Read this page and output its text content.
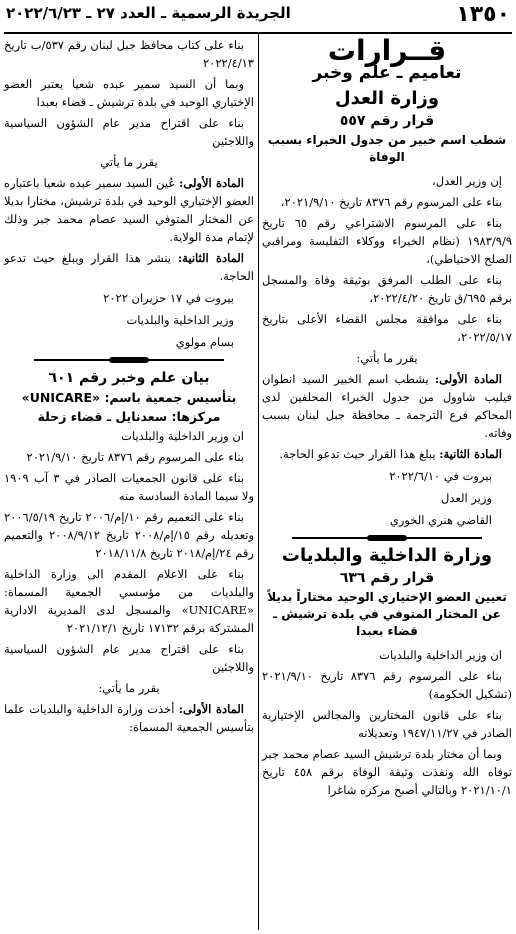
١٣٥٠
الجريدة الرسمية ـ العدد ٢٧ ـ ٢٠٢٢/٦/٢٣
قــرارات
تعاميم ـ علم وخبر
وزارة العدل
قرار رقم ٥٥٧
شطب اسم خبير من جدول الخبراء بسبب الوفاة

إن وزير العدل،

بناء على المرسوم رقم ٨٣٧٦ تاريخ ٢٠٢١/٩/١٠،

بناء على المرسوم الاشتراعي رقم ٦٥ تاريخ ١٩٨٣/٩/٩ (نظام الخبراء ووكلاء التفليسة ومراقبي الصلح الاحتياطي)،

بناء على الطلب المرفق بوثيقة وفاة والمسجل برقم ٦٩٥/ق تاريخ ٢٠٢٢/٤/٢٠،

بناء على موافقة مجلس القضاء الأعلى بتاريخ ٢٠٢٢/٥/١٧،

يقرر ما يأتي:

المادة الأولى: يشطب اسم الخبير السيد انطوان فيليب شاوول من جدول الخبراء المحلفين لدى المحاكم فرع الترجمة ـ محافظة جبل لبنان بسبب وفاته.

المادة الثانية: يبلغ هذا القرار حيث تدعو الحاجة.

بيروت في ٢٠٢٢/٦/١٠

وزير العدل

القاضي هنري الخوري

وزارة الداخلية والبلديات
قرار رقم ٦٣٦
تعيين العضو الإختياري الوحيد مختاراً بديلاً عن المختار المتوفي في بلدة ترشيش ـ قضاء بعبدا

ان وزير الداخلية والبلديات

بناء على المرسوم رقم ٨٣٧٦ تاريخ ٢٠٢١/٩/١٠ (تشكيل الحكومة)

بناء على قانون المختارين والمجالس الإختيارية الصادر في ١٩٤٧/١١/٢٧ وتعديلاته

وبما أن مختار بلدة ترشيش السيد عصام محمد جبر توفاه الله ونفذت وثيقة الوفاة برقم ٤٥٨ تاريخ ٢٠٢١/١٠/١ وبالتالي أصبح مركزه شاغرا

بناء على كتاب محافظ جبل لبنان رقم ٥٣٧/ب تاريخ ٢٠٢٢/٤/١٣

وبما أن السيد سمير عبده شعيا يعتبر العضو الإختياري الوحيد في بلدة ترشيش ـ قضاء بعبدا

بناء على اقتراح مدير عام الشؤون السياسية واللاجئين

يقرر ما يأتي

المادة الأولى: عُين السيد سمير عبده شعيا باعتباره العضو الإختياري الوحيد في بلدة ترشيش، مختارا بديلا عن المختار المتوفي السيد عصام محمد جبر وذلك لإتمام مدة الولاية.

المادة الثانية: ينشر هذا القرار ويبلغ حيث تدعو الحاجة.

بيروت في ١٧ حزيران ٢٠٢٢

وزير الداخلية والبلديات

بسام مولوي

بيان علم وخبر رقم ٦٠١
بتأسيس جمعية باسم: «UNICARE»
مركزها: سعدنايل ـ قضاء زحلة

ان وزير الداخلية والبلديات

بناء على المرسوم رقم ٨٣٧٦ تاريخ ٢٠٢١/٩/١٠

بناء على قانون الجمعيات الصادر في ٣ آب ١٩٠٩ ولا سيما المادة السادسة منه

بناء على التعميم رقم ١٠/إم/٢٠٠٦ تاريخ ٢٠٠٦/٥/١٩ وتعديله رقم ١٥/إم/٢٠٠٨ تاريخ ٢٠٠٨/٩/١٢ والتعميم رقم ٢٤/إم/٢٠١٨ تاريخ ٢٠١٨/١١/٨

بناء على الاعلام المقدم الى وزارة الداخلية والبلديات من مؤسسي الجمعية المسماة: «UNICARE» والمسجل لدى المديرية الادارية المشتركة برقم ١٧١٣٢ تاريخ ٢٠٢١/١٢/١

بناء على اقتراح مدير عام الشؤون السياسية واللاجئين

يقرر ما يأتي:

المادة الأولى: أخذت وزارة الداخلية والبلديات علما بتأسيس الجمعية المسماة:
